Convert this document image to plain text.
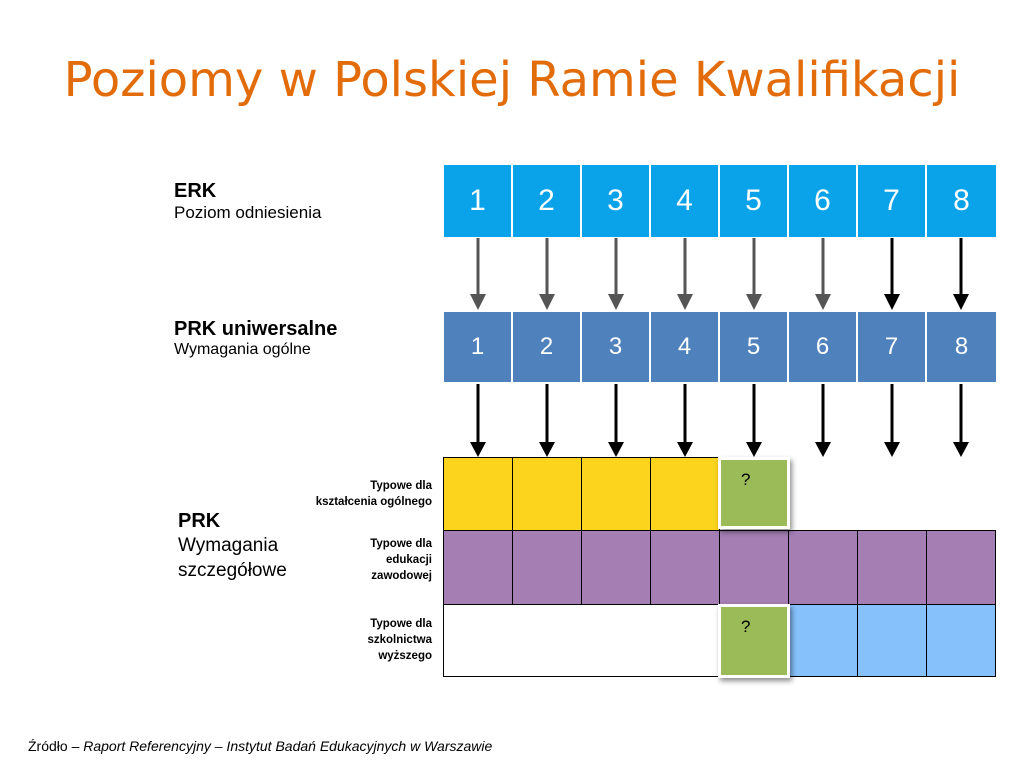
Poziomy w Polskiej Ramie Kwalifikacji
ERK
Poziom odniesienia
PRK uniwersalne
Wymagania ogólne
PRK
Wymagania
szczegółowe
Typowe dla
kształcenia ogólnego
Typowe dla
edukacji
zawodowej
Typowe dla
szkolnictwa
wyższego
1	2	3	4	5	6	7	8
1	2	3	4	5	6	7	8
?
?
Źródło – Raport Referencyjny – Instytut Badań Edukacyjnych w Warszawie
